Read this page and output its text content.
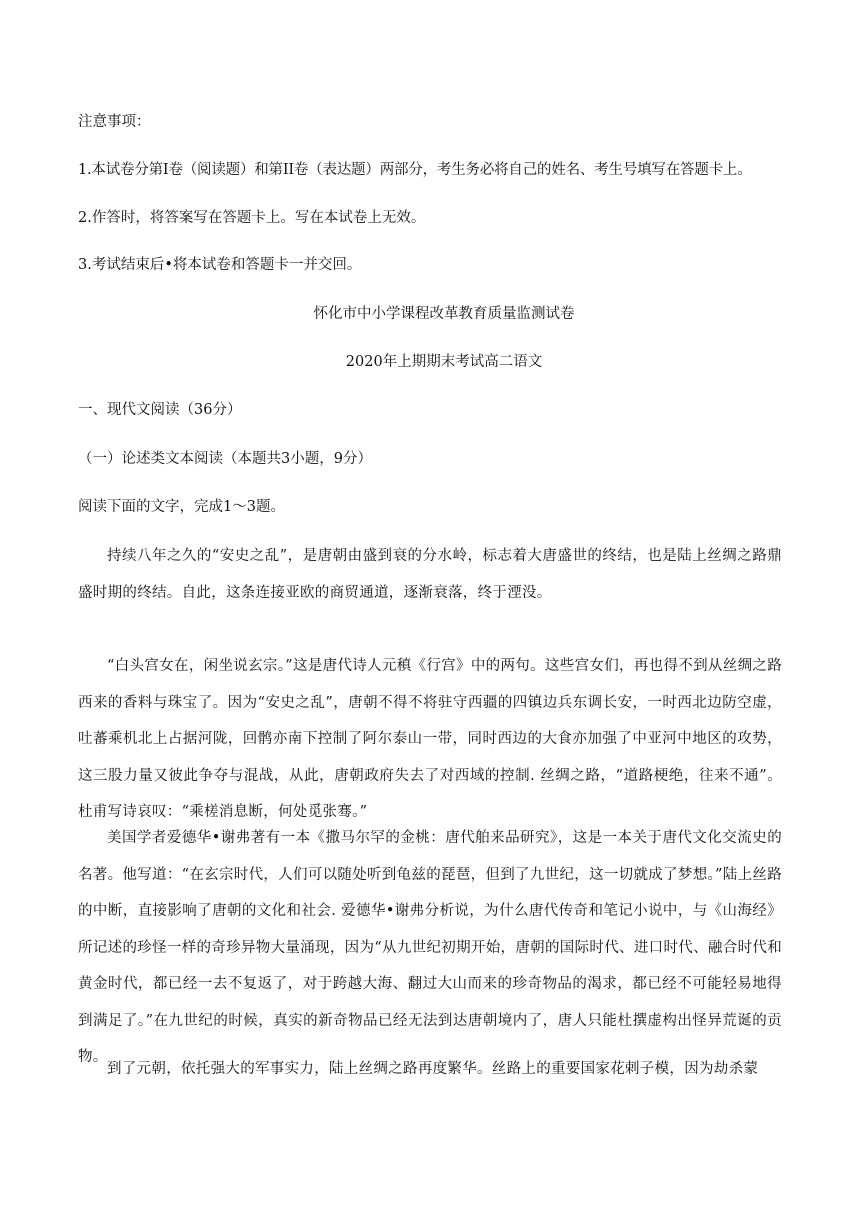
注意事项：
1.本试卷分第I卷（阅读题）和第II卷（表达题）两部分，考生务必将自己的姓名、考生号填写在答题卡上。
2.作答时，将答案写在答题卡上。写在本试卷上无效。
3.考试结束后•将本试卷和答题卡一并交回。
怀化市中小学课程改革教育质量监测试卷
2020年上期期末考试高二语文
一、现代文阅读（36分）
（一）论述类文本阅读（本题共3小题，9分）
阅读下面的文字，完成1～3题。
持续八年之久的“安史之乱”，是唐朝由盛到衰的分水岭，标志着大唐盛世的终结，也是陆上丝绸之路鼎盛时期的终结。自此，这条连接亚欧的商贸通道，逐渐衰落，终于湮没。
“白头宫女在，闲坐说玄宗。”这是唐代诗人元稹《行宫》中的两句。这些宫女们，再也得不到从丝绸之路西来的香料与珠宝了。因为“安史之乱”，唐朝不得不将驻守西疆的四镇边兵东调长安，一时西北边防空虚，吐蕃乘机北上占据河陇，回鹘亦南下控制了阿尔泰山一带，同时西边的大食亦加强了中亚河中地区的攻势，这三股力量又彼此争夺与混战，从此，唐朝政府失去了对西域的控制. 丝绸之路，“道路梗绝，往来不通”。杜甫写诗哀叹：“乘槎消息断，何处觅张骞。”
美国学者爱德华•谢弗著有一本《撒马尔罕的金桃：唐代舶来品研究》，这是一本关于唐代文化交流史的名著。他写道：“在玄宗时代，人们可以随处听到龟兹的琵琶，但到了九世纪，这一切就成了梦想。”陆上丝路的中断，直接影响了唐朝的文化和社会. 爱德华•谢弗分析说，为什么唐代传奇和笔记小说中，与《山海经》所记述的珍怪一样的奇珍异物大量涌现，因为“从九世纪初期开始，唐朝的国际时代、进口时代、融合时代和黄金时代，都已经一去不复返了，对于跨越大海、翻过大山而来的珍奇物品的渴求，都已经不可能轻易地得到满足了。”在九世纪的时候，真实的新奇物品已经无法到达唐朝境内了，唐人只能杜撰虚构出怪异荒诞的贡物。
到了元朝，依托强大的军事实力，陆上丝绸之路再度繁华。丝路上的重要国家花剌子模，因为劫杀蒙
